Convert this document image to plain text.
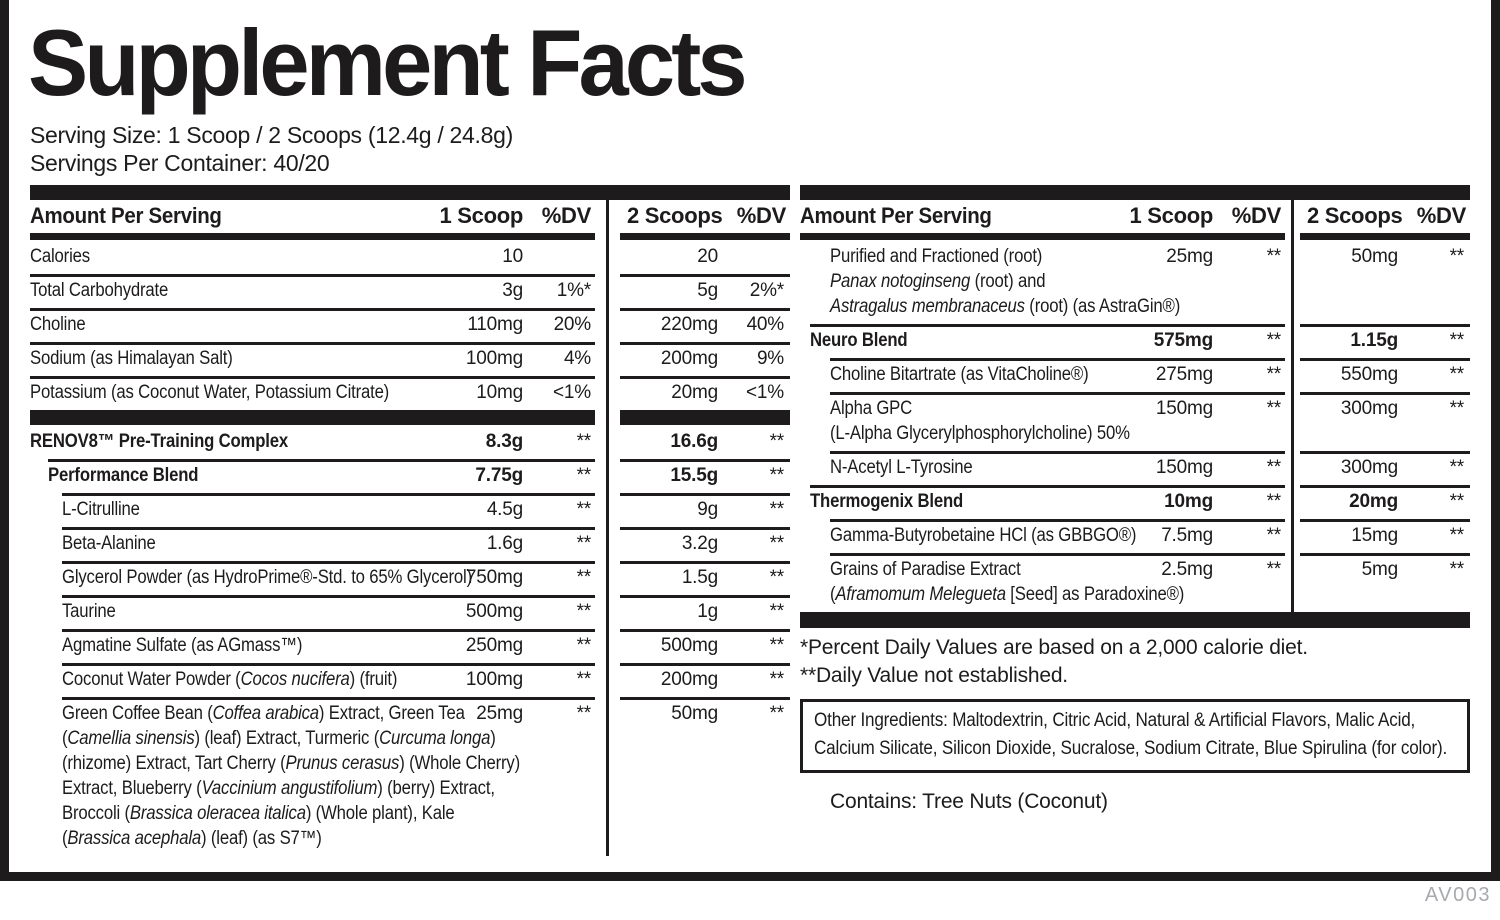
Supplement Facts
Serving Size: 1 Scoop / 2 Scoops (12.4g / 24.8g)
Servings Per Container: 40/20
Amount Per Serving	1 Scoop %DV	2 Scoops %DV
Calories	10	20
Total Carbohydrate	3g 1%*	5g 2%*
Choline	110mg 20%	220mg 40%
Sodium (as Himalayan Salt)	100mg 4%	200mg 9%
Potassium (as Coconut Water, Potassium Citrate)	10mg <1%	20mg <1%
RENOV8™ Pre-Training Complex	8.3g	**	16.6g	**
Performance Blend	7.75g	**	15.5g	**
L-Citrulline	4.5g	**	9g	**
Beta-Alanine	1.6g	**	3.2g	**
Glycerol Powder (as HydroPrime®-Std. to 65% Glycerol)
750mg	**	1.5g	**
Taurine	500mg	**	1g	**
Agmatine Sulfate (as AGmass™)	250mg	**	500mg	**
Coconut Water Powder (Cocos nucifera) (fruit)	100mg	**	200mg	**
Green Coffee Bean (Coffea arabica) Extract, Green Tea
(Camellia sinensis) (leaf) Extract, Turmeric (Curcuma longa)
(rhizome) Extract, Tart Cherry (Prunus cerasus) (Whole Cherry)
Extract, Blueberry (Vaccinium angustifolium) (berry) Extract,
Broccoli (Brassica oleracea italica) (Whole plant), Kale
(Brassica acephala) (leaf) (as S7™)
25mg	**	50mg	**
Amount Per Serving	1 Scoop %DV	2 Scoops %DV
Purified and Fractioned (root)
Panax notoginseng (root) and
Astragalus membranaceus (root) (as AstraGin®)
25mg	**	50mg	**
Neuro Blend	575mg	**	1.15g	**
Choline Bitartrate (as VitaCholine®)	275mg	**	550mg	**
Alpha GPC
(L-Alpha Glycerylphosphorylcholine) 50%
150mg	**	300mg	**
N-Acetyl L-Tyrosine	150mg	**	300mg	**
Thermogenix Blend	10mg	**	20mg	**
Gamma-Butyrobetaine HCl (as GBBGO®)	7.5mg	**	15mg	**
Grains of Paradise Extract
(Aframomum Melegueta [Seed] as Paradoxine®)
2.5mg	**	5mg	**
*Percent Daily Values are based on a 2,000 calorie diet.
**Daily Value not established.
Other Ingredients: Maltodextrin, Citric Acid, Natural & Artificial Flavors, Malic Acid,
Calcium Silicate, Silicon Dioxide, Sucralose, Sodium Citrate, Blue Spirulina (for color).
Contains: Tree Nuts (Coconut)
AV003
